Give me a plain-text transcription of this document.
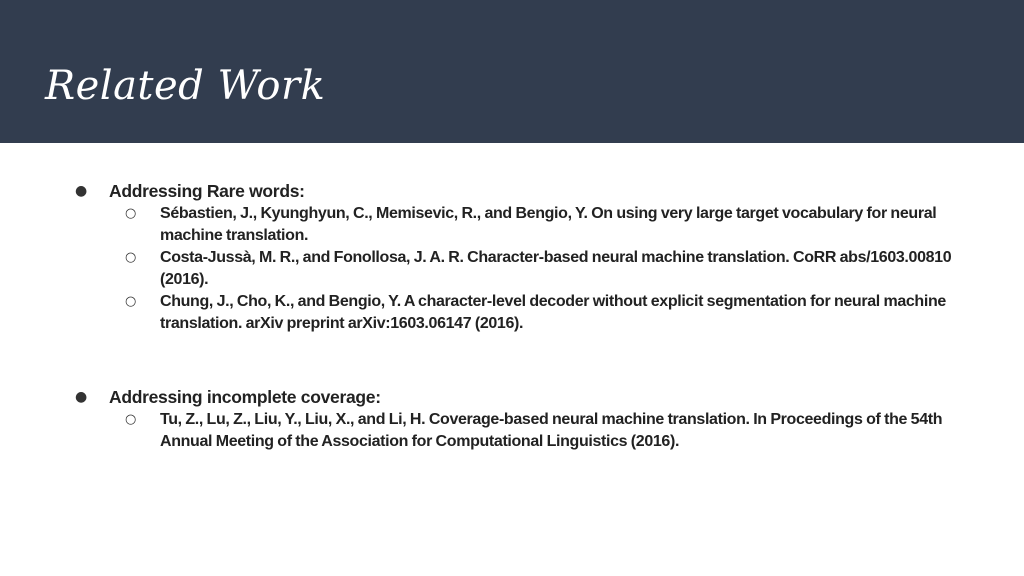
Related Work
●	Addressing Rare words:
○ Sébastien, J., Kyunghyun, C., Memisevic, R., and Bengio, Y. On using very large target vocabulary for neural machine translation.

○ Costa-Jussà, M. R., and Fonollosa, J. A. R. Character-based neural machine translation. CoRR abs/1603.00810 (2016).

○ Chung, J., Cho, K., and Bengio, Y. A character-level decoder without explicit segmentation for neural machine translation. arXiv preprint arXiv:1603.06147 (2016).

●	Addressing incomplete coverage:
○ Tu, Z., Lu, Z., Liu, Y., Liu, X., and Li, H. Coverage-based neural machine translation. In Proceedings of the 54th Annual Meeting of the Association for Computational Linguistics (2016).
